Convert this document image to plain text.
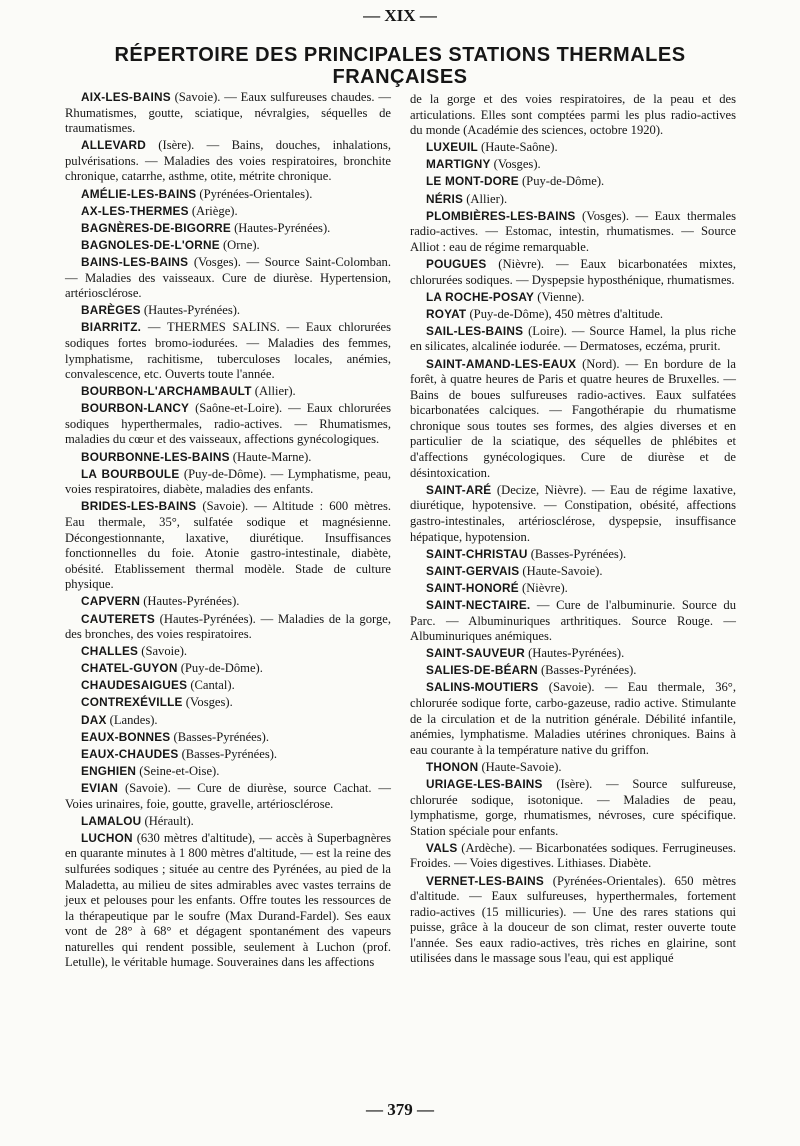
— XIX —
RÉPERTOIRE DES PRINCIPALES STATIONS THERMALES FRANÇAISES

AIX-LES-BAINS (Savoie). — Eaux sulfureuses chaudes. — Rhumatismes, goutte, sciatique, névralgies, séquelles de traumatismes.

ALLEVARD (Isère). — Bains, douches, inhalations, pulvérisations. — Maladies des voies respiratoires, bronchite chronique, catarrhe, asthme, otite, métrite chronique.

AMÉLIE-LES-BAINS (Pyrénées-Orientales).

AX-LES-THERMES (Ariège).

BAGNÈRES-DE-BIGORRE (Hautes-Pyrénées).

BAGNOLES-DE-L'ORNE (Orne).

BAINS-LES-BAINS (Vosges). — Source Saint-Colomban. — Maladies des vaisseaux. Cure de diurèse. Hypertension, artériosclérose.

BARÈGES (Hautes-Pyrénées).

BIARRITZ. — THERMES SALINS. — Eaux chlorurées sodiques fortes bromo-iodurées. — Maladies des femmes, lymphatisme, rachitisme, tuberculoses locales, anémies, convalescence, etc. Ouverts toute l'année.

BOURBON-L'ARCHAMBAULT (Allier).

BOURBON-LANCY (Saône-et-Loire). — Eaux chlorurées sodiques hyperthermales, radio-actives. — Rhumatismes, maladies du cœur et des vaisseaux, affections gynécologiques.

BOURBONNE-LES-BAINS (Haute-Marne).

LA BOURBOULE (Puy-de-Dôme). — Lymphatisme, peau, voies respiratoires, diabète, maladies des enfants.

BRIDES-LES-BAINS (Savoie). — Altitude : 600 mètres. Eau thermale, 35°, sulfatée sodique et magnésienne. Décongestionnante, laxative, diurétique. Insuffisances fonctionnelles du foie. Atonie gastro-intestinale, diabète, obésité. Etablissement thermal modèle. Stade de culture physique.

CAPVERN (Hautes-Pyrénées).

CAUTERETS (Hautes-Pyrénées). — Maladies de la gorge, des bronches, des voies respiratoires.

CHALLES (Savoie).

CHATEL-GUYON (Puy-de-Dôme).

CHAUDESAIGUES (Cantal).

CONTREXÉVILLE (Vosges).

DAX (Landes).

EAUX-BONNES (Basses-Pyrénées).

EAUX-CHAUDES (Basses-Pyrénées).

ENGHIEN (Seine-et-Oise).

EVIAN (Savoie). — Cure de diurèse, source Cachat. — Voies urinaires, foie, goutte, gravelle, artériosclérose.

LAMALOU (Hérault).

LUCHON (630 mètres d'altitude), — accès à Superbagnères en quarante minutes à 1 800 mètres d'altitude, — est la reine des sulfurées sodiques ; située au centre des Pyrénées, au pied de la Maladetta, au milieu de sites admirables avec vastes terrains de jeux et pelouses pour les enfants. Offre toutes les ressources de la thérapeutique par le soufre (Max Durand-Fardel). Ses eaux vont de 28° à 68° et dégagent spontanément des vapeurs naturelles qui rendent possible, seulement à Luchon (prof. Letulle), le véritable humage. Souveraines dans les affections

de la gorge et des voies respiratoires, de la peau et des articulations. Elles sont comptées parmi les plus radio-actives du monde (Académie des sciences, octobre 1920).

LUXEUIL (Haute-Saône).

MARTIGNY (Vosges).

LE MONT-DORE (Puy-de-Dôme).

NÉRIS (Allier).

PLOMBIÈRES-LES-BAINS (Vosges). — Eaux thermales radio-actives. — Estomac, intestin, rhumatismes. — Source Alliot : eau de régime remarquable.

POUGUES (Nièvre). — Eaux bicarbonatées mixtes, chlorurées sodiques. — Dyspepsie hyposthénique, rhumatismes.

LA ROCHE-POSAY (Vienne).

ROYAT (Puy-de-Dôme), 450 mètres d'altitude.

SAIL-LES-BAINS (Loire). — Source Hamel, la plus riche en silicates, alcalinée iodurée. — Dermatoses, eczéma, prurit.

SAINT-AMAND-LES-EAUX (Nord). — En bordure de la forêt, à quatre heures de Paris et quatre heures de Bruxelles. — Bains de boues sulfureuses radio-actives. Eaux sulfatées bicarbonatées calciques. — Fangothérapie du rhumatisme chronique sous toutes ses formes, des algies diverses et en particulier de la sciatique, des séquelles de phlébites et d'affections gynécologiques. Cure de diurèse et de désintoxication.

SAINT-ARÉ (Decize, Nièvre). — Eau de régime laxative, diurétique, hypotensive. — Constipation, obésité, affections gastro-intestinales, artériosclérose, dyspepsie, insuffisance hépatique, hypotension.

SAINT-CHRISTAU (Basses-Pyrénées).

SAINT-GERVAIS (Haute-Savoie).

SAINT-HONORÉ (Nièvre).

SAINT-NECTAIRE. — Cure de l'albuminurie. Source du Parc. — Albuminuriques arthritiques. Source Rouge. — Albuminuriques anémiques.

SAINT-SAUVEUR (Hautes-Pyrénées).

SALIES-DE-BÉARN (Basses-Pyrénées).

SALINS-MOUTIERS (Savoie). — Eau thermale, 36°, chlorurée sodique forte, carbo-gazeuse, radio active. Stimulante de la circulation et de la nutrition générale. Débilité infantile, anémies, lymphatisme. Maladies utérines chroniques. Bains à eau courante à la température native du griffon.

THONON (Haute-Savoie).

URIAGE-LES-BAINS (Isère). — Source sulfureuse, chlorurée sodique, isotonique. — Maladies de peau, lymphatisme, gorge, rhumatismes, névroses, cure spécifique. Station spéciale pour enfants.

VALS (Ardèche). — Bicarbonatées sodiques. Ferrugineuses. Froides. — Voies digestives. Lithiases. Diabète.

VERNET-LES-BAINS (Pyrénées-Orientales). 650 mètres d'altitude. — Eaux sulfureuses, hyperthermales, fortement radio-actives (15 millicuries). — Une des rares stations qui puisse, grâce à la douceur de son climat, rester ouverte toute l'année. Ses eaux radio-actives, très riches en glairine, sont utilisées dans le massage sous l'eau, qui est appliqué

— 379 —
